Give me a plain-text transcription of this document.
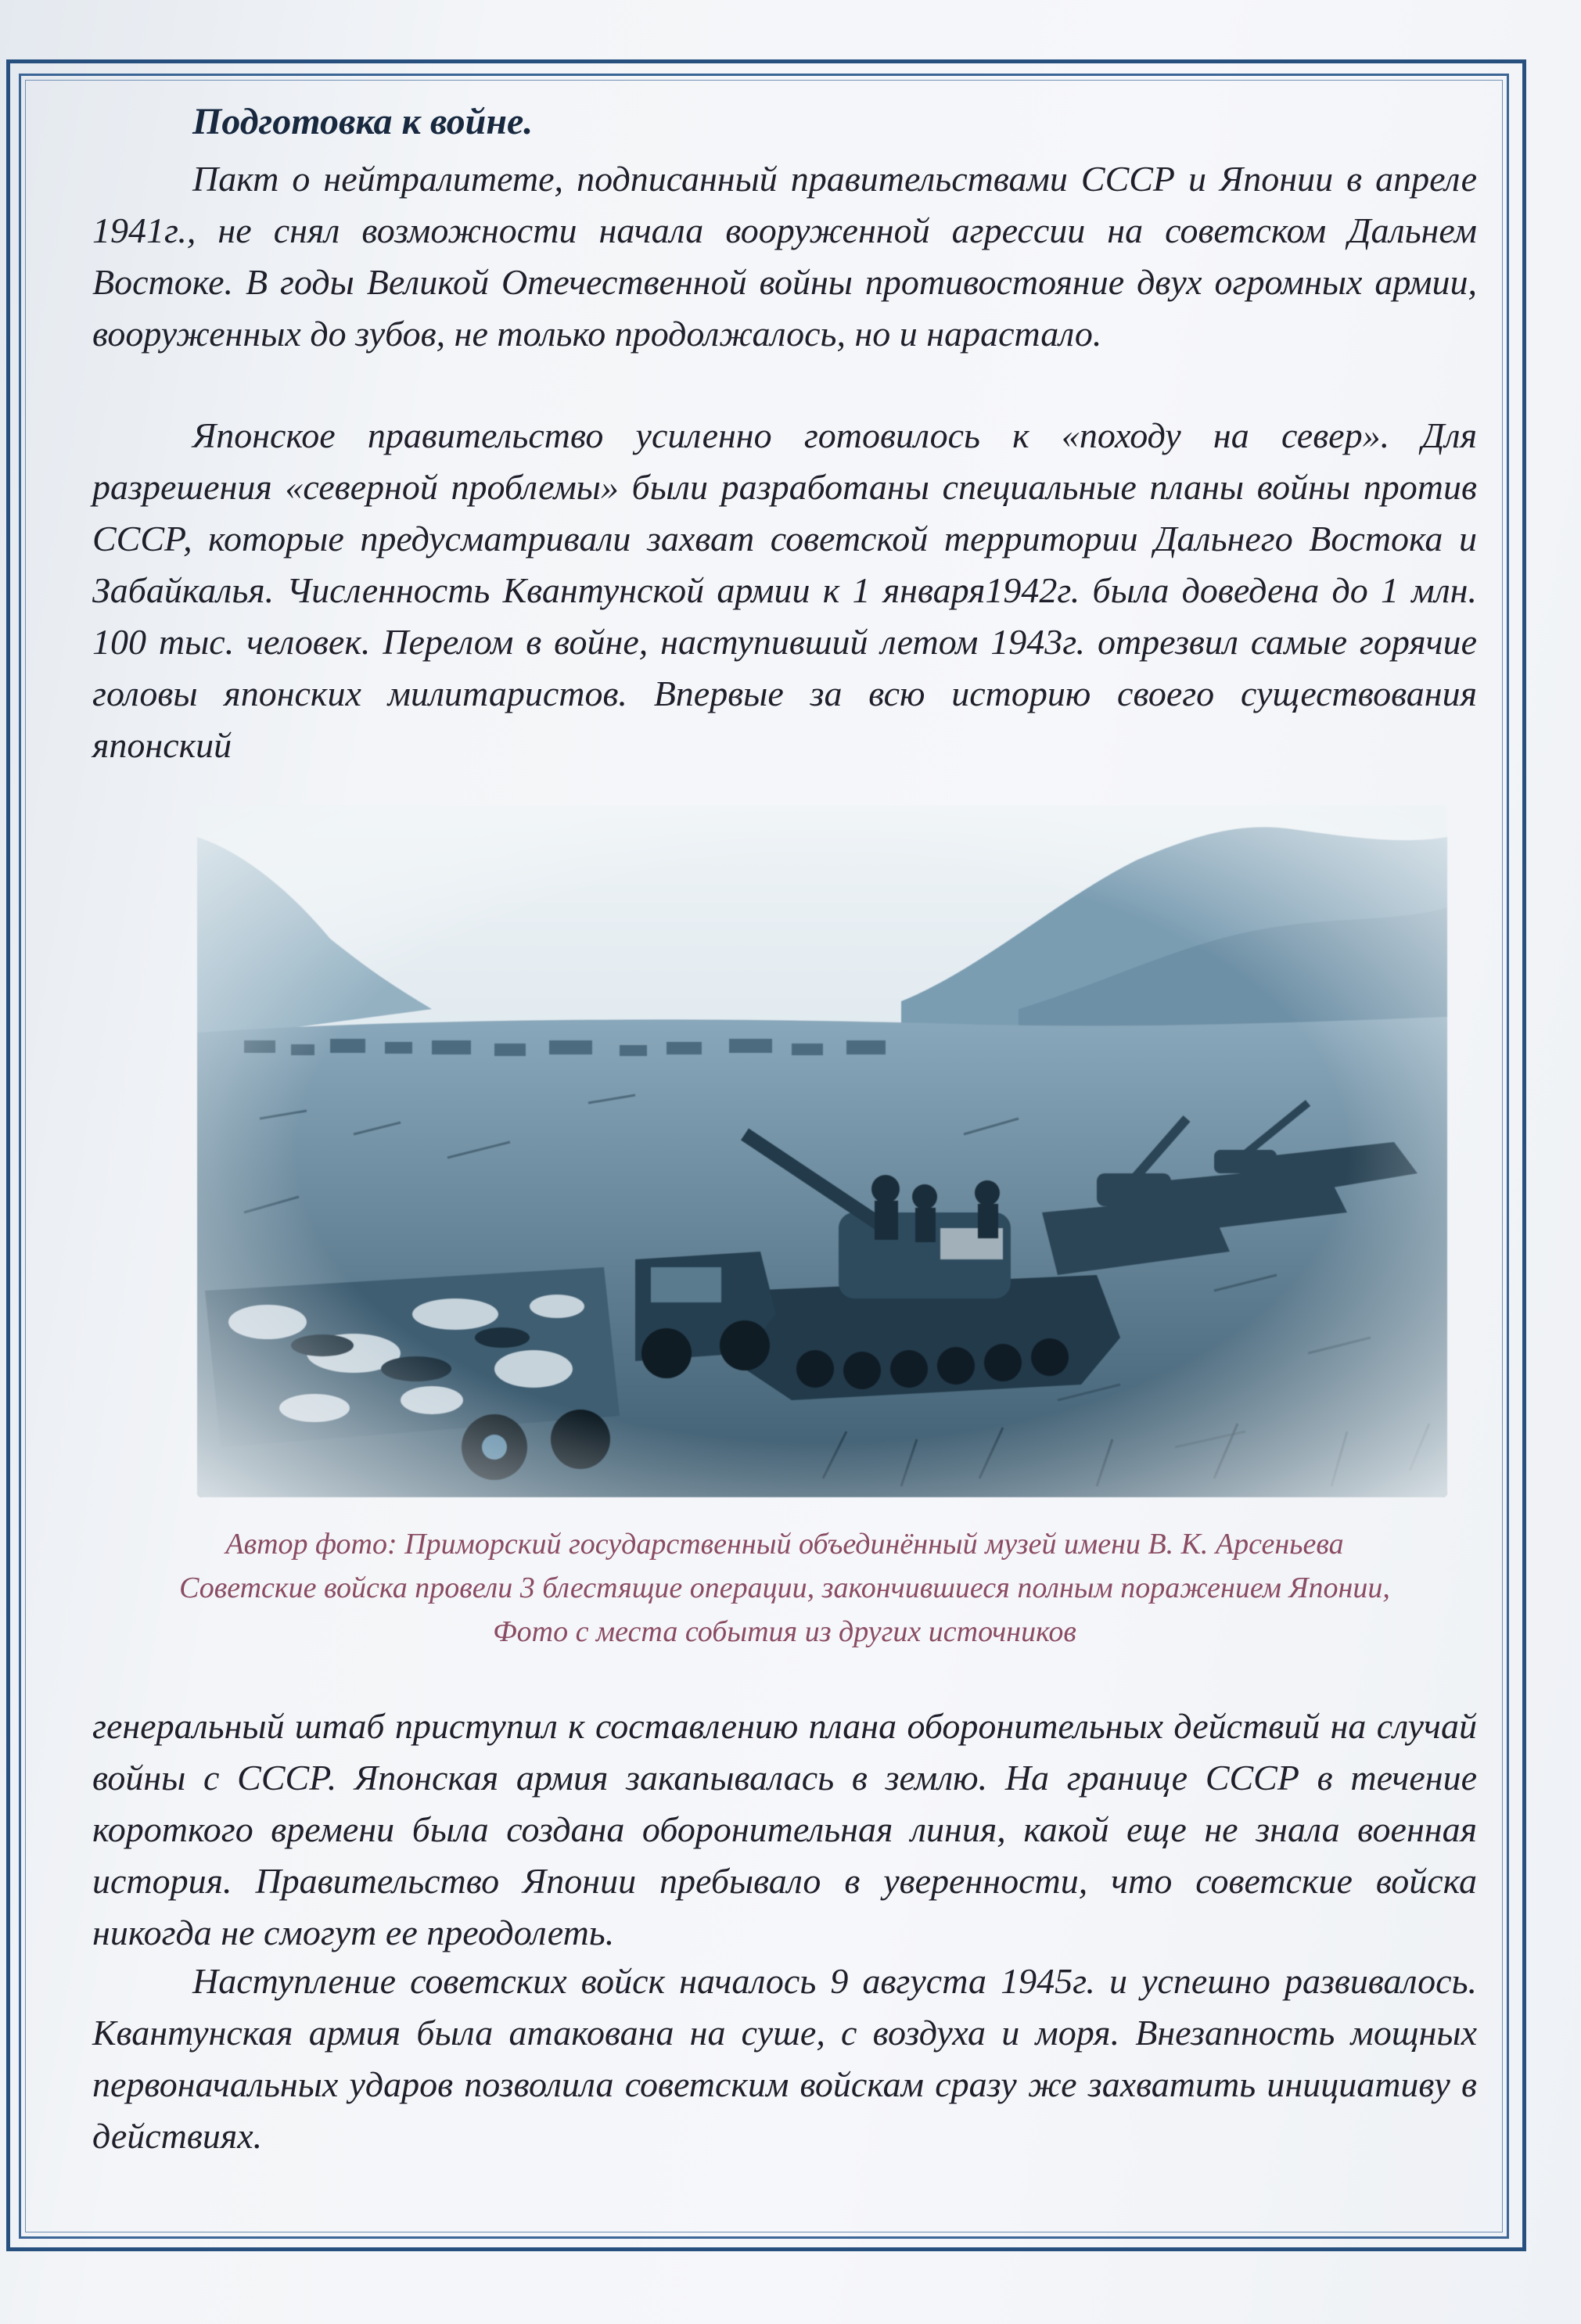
Подготовка к войне.

Пакт о нейтралитете, подписанный правительствами СССР и Японии в апреле 1941г., не снял возможности начала вооруженной агрессии на советском Дальнем Востоке. В годы Великой Отечественной войны противостояние двух огромных армии, вооруженных до зубов, не только продолжалось, но и нарастало.

Японское правительство усиленно готовилось к «походу на север». Для разрешения «северной проблемы» были разработаны специальные планы войны против СССР, которые предусматривали захват советской территории Дальнего Востока и Забайкалья. Численность Квантунской армии к 1 января1942г. была доведена до 1 млн. 100 тыс. человек. Перелом в войне, наступивший летом 1943г. отрезвил самые горячие головы японских милитаристов. Впервые за всю историю своего существования японский

Автор фото: Приморский государственный объединённый музей имени В. К. Арсеньева

Советские войска провели 3 блестящие операции, закончившиеся полным поражением Японии,

Фото с места события из других источников

генеральный штаб приступил к составлению плана оборонительных действий на случай войны с СССР. Японская армия закапывалась в землю. На границе СССР в течение короткого времени была создана оборонительная линия, какой еще не знала военная история. Правительство Японии пребывало в уверенности, что советские войска никогда не смогут ее преодолеть.

Наступление советских войск началось 9 августа 1945г. и успешно развивалось. Квантунская армия была атакована на суше, с воздуха и моря. Внезапность мощных первоначальных ударов позволила советским войскам сразу же захватить инициативу в действиях.
